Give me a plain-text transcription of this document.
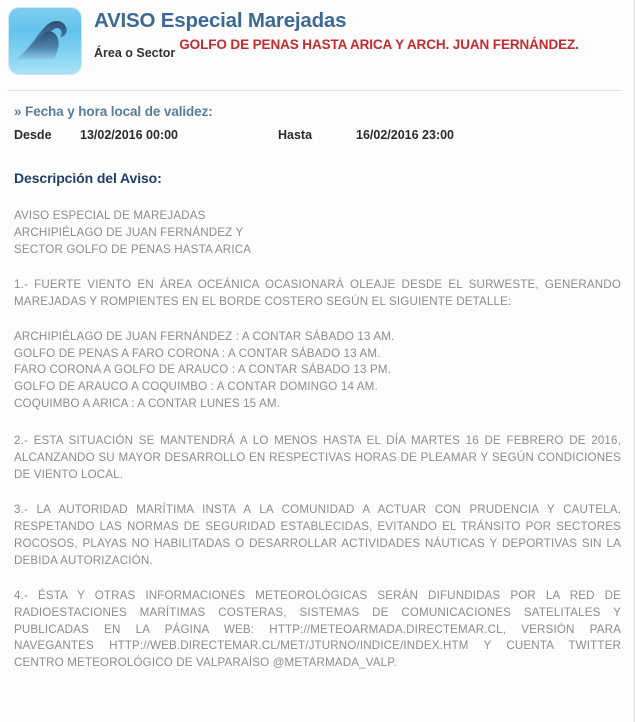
AVISO Especial Marejadas
Área o Sector
GOLFO DE PENAS HASTA ARICA Y ARCH. JUAN FERNÁNDEZ.
» Fecha y hora local de validez:
Desde	13/02/2016 00:00	Hasta	16/02/2016 23:00
Descripción del Aviso:

AVISO ESPECIAL DE MAREJADAS

ARCHIPIÉLAGO DE JUAN FERNÁNDEZ Y

SECTOR GOLFO DE PENAS HASTA ARICA

1.- FUERTE VIENTO EN ÁREA OCEÁNICA OCASIONARÁ OLEAJE DESDE EL SURWESTE, GENERANDO MAREJADAS Y ROMPIENTES EN EL BORDE COSTERO SEGÚN EL SIGUIENTE DETALLE:

ARCHIPIÉLAGO DE JUAN FERNÁNDEZ : A CONTAR SÁBADO 13 AM.

GOLFO DE PENAS A FARO CORONA : A CONTAR SÁBADO 13 AM.

FARO CORONA A GOLFO DE ARAUCO : A CONTAR SÁBADO 13 PM.

GOLFO DE ARAUCO A COQUIMBO : A CONTAR DOMINGO 14 AM.

COQUIMBO A ARICA : A CONTAR LUNES 15 AM.

2.- ESTA SITUACIÓN SE MANTENDRÁ A LO MENOS HASTA EL DÍA MARTES 16 DE FEBRERO DE 2016, ALCANZANDO SU MAYOR DESARROLLO EN RESPECTIVAS HORAS DE PLEAMAR Y SEGÚN CONDICIONES DE VIENTO LOCAL.

3.- LA AUTORIDAD MARÍTIMA INSTA A LA COMUNIDAD A ACTUAR CON PRUDENCIA Y CAUTELA, RESPETANDO LAS NORMAS DE SEGURIDAD ESTABLECIDAS, EVITANDO EL TRÁNSITO POR SECTORES ROCOSOS, PLAYAS NO HABILITADAS O DESARROLLAR ACTIVIDADES NÁUTICAS Y DEPORTIVAS SIN LA DEBIDA AUTORIZACIÓN.

4.- ÉSTA Y OTRAS INFORMACIONES METEOROLÓGICAS SERÁN DIFUNDIDAS POR LA RED DE RADIOESTACIONES MARÍTIMAS COSTERAS, SISTEMAS DE COMUNICACIONES SATELITALES Y PUBLICADAS EN LA PÁGINA WEB: HTTP://METEOARMADA.DIRECTEMAR.CL, VERSIÓN PARA NAVEGANTES HTTP://WEB.DIRECTEMAR.CL/MET/JTURNO/INDICE/INDEX.HTM Y CUENTA TWITTER CENTRO METEOROLÓGICO DE VALPARAÍSO @METARMADA_VALP.
